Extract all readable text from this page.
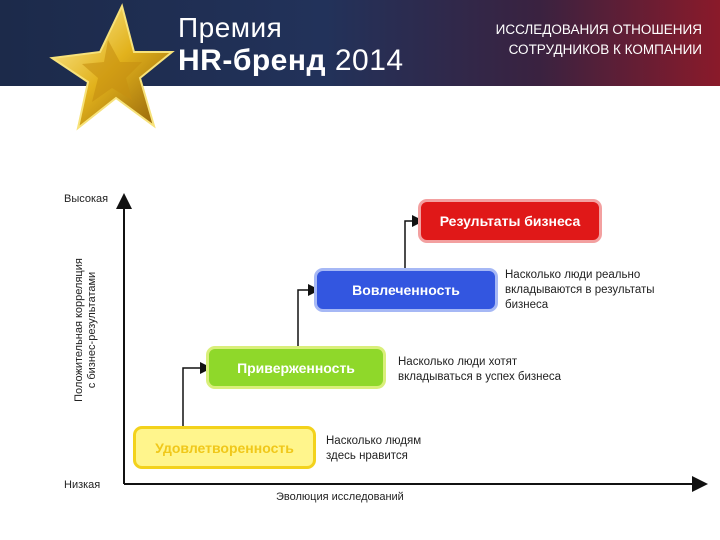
Премия
HR-бренд 2014
ИССЛЕДОВАНИЯ ОТНОШЕНИЯ
СОТРУДНИКОВ К КОМПАНИИ
Высокая
Низкая
Эволюция исследований
Положительная корреляция с бизнес-результатами
Удовлетворенность
Приверженность
Вовлеченность
Результаты бизнеса
Насколько людям
здесь нравится
Насколько люди хотят
вкладываться в успех бизнеса
Насколько люди реально
вкладываются в результаты
бизнеса
